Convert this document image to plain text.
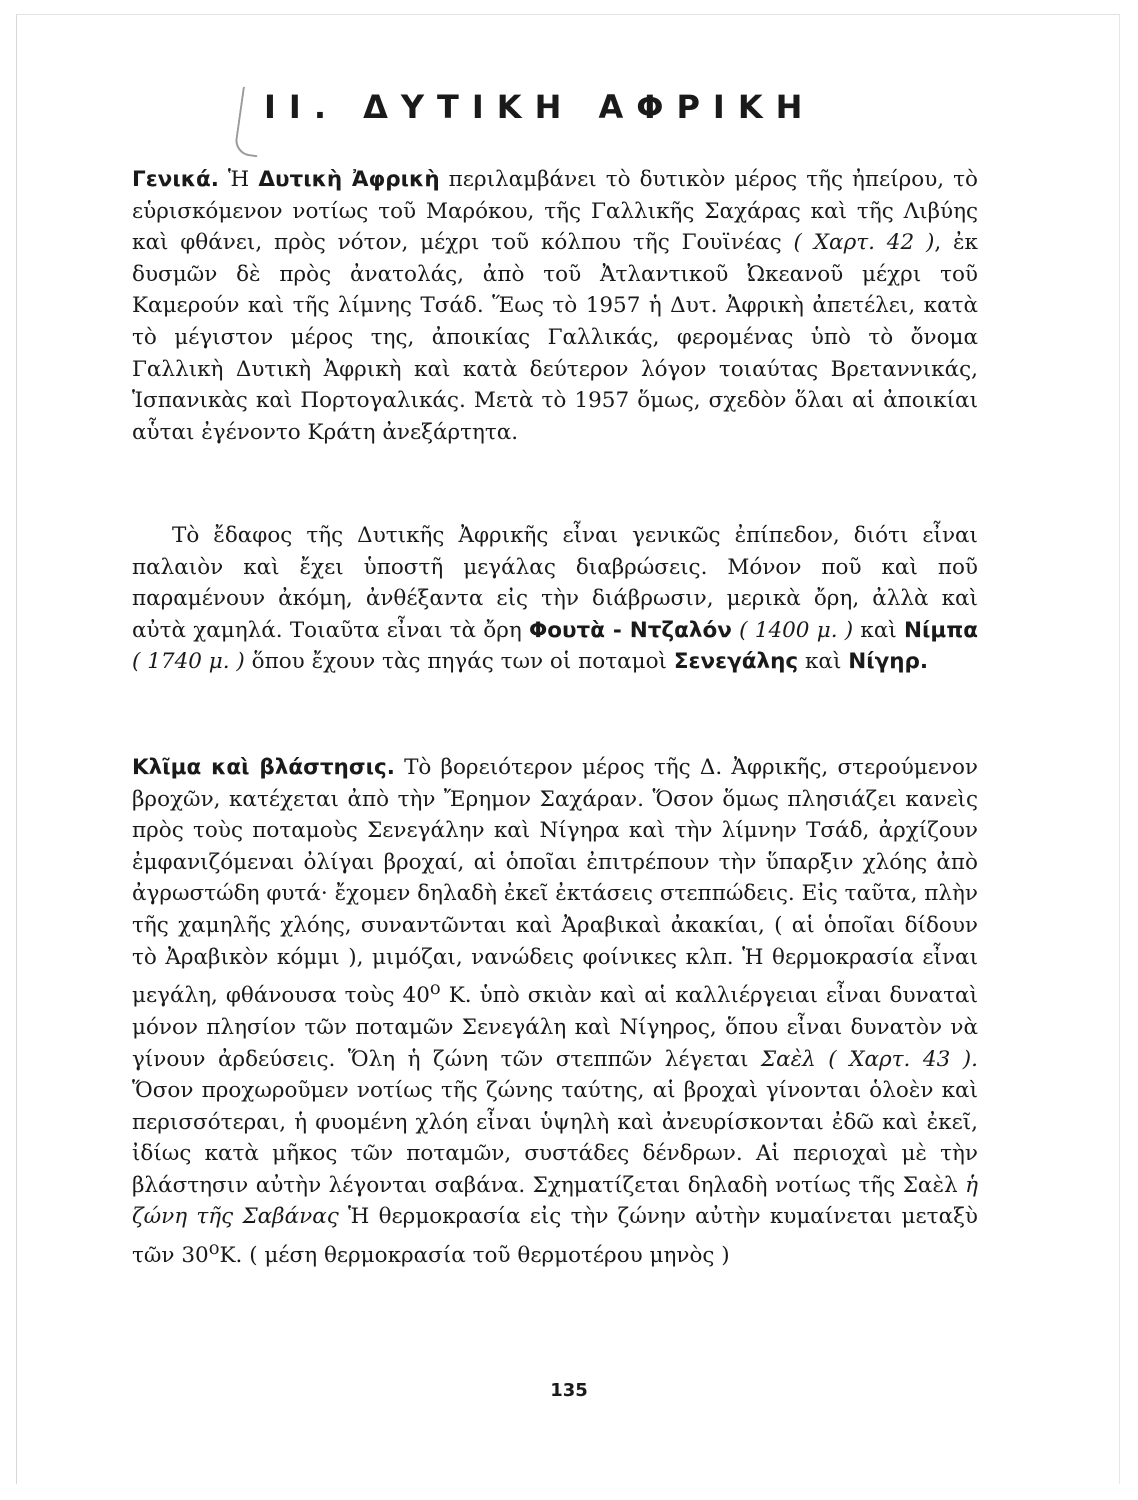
II. ΔΥΤΙΚΗ ΑΦΡΙΚΗ

Γενικά. Ἡ Δυτικὴ Ἀφρικὴ περιλαμβάνει τὸ δυτικὸν μέρος τῆς ἠπείρου, τὸ εὑρισκόμενον νοτίως τοῦ Μαρόκου, τῆς Γαλλικῆς Σαχάρας καὶ τῆς Λιβύης καὶ φθάνει, πρὸς νότον, μέχρι τοῦ κόλπου τῆς Γουϊνέας ( Χαρτ. 42 ), ἐκ δυσμῶν δὲ πρὸς ἀνατολάς, ἀπὸ τοῦ Ἀτλαντικοῦ Ὠκεανοῦ μέχρι τοῦ Καμερούν καὶ τῆς λίμνης Τσάδ. Ἕως τὸ 1957 ἡ Δυτ. Ἀφρικὴ ἀπετέλει, κατὰ τὸ μέγιστον μέρος της, ἀποικίας Γαλλικάς, φερομένας ὑπὸ τὸ ὄνομα Γαλλικὴ Δυτικὴ Ἀφρικὴ καὶ κατὰ δεύτερον λόγον τοιαύτας Βρεταννικάς, Ἱσπανικὰς καὶ Πορτογαλικάς. Μετὰ τὸ 1957 ὅμως, σχεδὸν ὅλαι αἱ ἀποικίαι αὗται ἐγένοντο Κράτη ἀνεξάρτητα.

Τὸ ἔδαφος τῆς Δυτικῆς Ἀφρικῆς εἶναι γενικῶς ἐπίπεδον, διότι εἶναι παλαιὸν καὶ ἔχει ὑποστῆ μεγάλας διαβρώσεις. Μόνον ποῦ καὶ ποῦ παραμένουν ἀκόμη, ἀνθέξαντα εἰς τὴν διάβρωσιν, μερικὰ ὄρη, ἀλλὰ καὶ αὐτὰ χαμηλά. Τοιαῦτα εἶναι τὰ ὄρη Φουτὰ - Ντζαλόν ( 1400 μ. ) καὶ Νίμπα ( 1740 μ. ) ὅπου ἔχουν τὰς πηγάς των οἱ ποταμοὶ Σενεγάλης καὶ Νίγηρ.

Κλῖμα καὶ βλάστησις. Τὸ βορειότερον μέρος τῆς Δ. Ἀφρικῆς, στερούμενον βροχῶν, κατέχεται ἀπὸ τὴν Ἔρημον Σαχάραν. Ὅσον ὅμως πλησιάζει κανεὶς πρὸς τοὺς ποταμοὺς Σενεγάλην καὶ Νίγηρα καὶ τὴν λίμνην Τσάδ, ἀρχίζουν ἐμφανιζόμεναι ὀλίγαι βροχαί, αἱ ὁποῖαι ἐπιτρέπουν τὴν ὕπαρξιν χλόης ἀπὸ ἀγρωστώδη φυτά· ἔχομεν δηλαδὴ ἐκεῖ ἐκτάσεις στεππώδεις. Εἰς ταῦτα, πλὴν τῆς χαμηλῆς χλόης, συναντῶνται καὶ Ἀραβικαὶ ἀκακίαι, ( αἱ ὁποῖαι δίδουν τὸ Ἀραβικὸν κόμμι ), μιμόζαι, νανώδεις φοίνικες κλπ. Ἡ θερμοκρασία εἶναι μεγάλη, φθάνουσα τοὺς $40^o$ Κ. ὑπὸ σκιὰν καὶ αἱ καλλιέργειαι εἶναι δυναταὶ μόνον πλησίον τῶν ποταμῶν Σενεγάλη καὶ Νίγηρος, ὅπου εἶναι δυνατὸν νὰ γίνουν ἀρδεύσεις. Ὅλη ἡ ζώνη τῶν στεππῶν λέγεται Σαὲλ ( Χαρτ. 43 ). Ὅσον προχωροῦμεν νοτίως τῆς ζώνης ταύτης, αἱ βροχαὶ γίνονται ὁλοὲν καὶ περισσότεραι, ἡ φυομένη χλόη εἶναι ὑψηλὴ καὶ ἀνευρίσκονται ἐδῶ καὶ ἐκεῖ, ἰδίως κατὰ μῆκος τῶν ποταμῶν, συστάδες δένδρων. Αἱ περιοχαὶ μὲ τὴν βλάστησιν αὐτὴν λέγονται σαβάνα. Σχηματίζεται δηλαδὴ νοτίως τῆς Σαὲλ ἡ ζώνη τῆς Σαβάνας Ἡ θερμοκρασία εἰς τὴν ζώνην αὐτὴν κυμαίνεται μεταξὺ τῶν $30^oK$. ( μέση θερμοκρασία τοῦ θερμοτέρου μηνὸς )

135
